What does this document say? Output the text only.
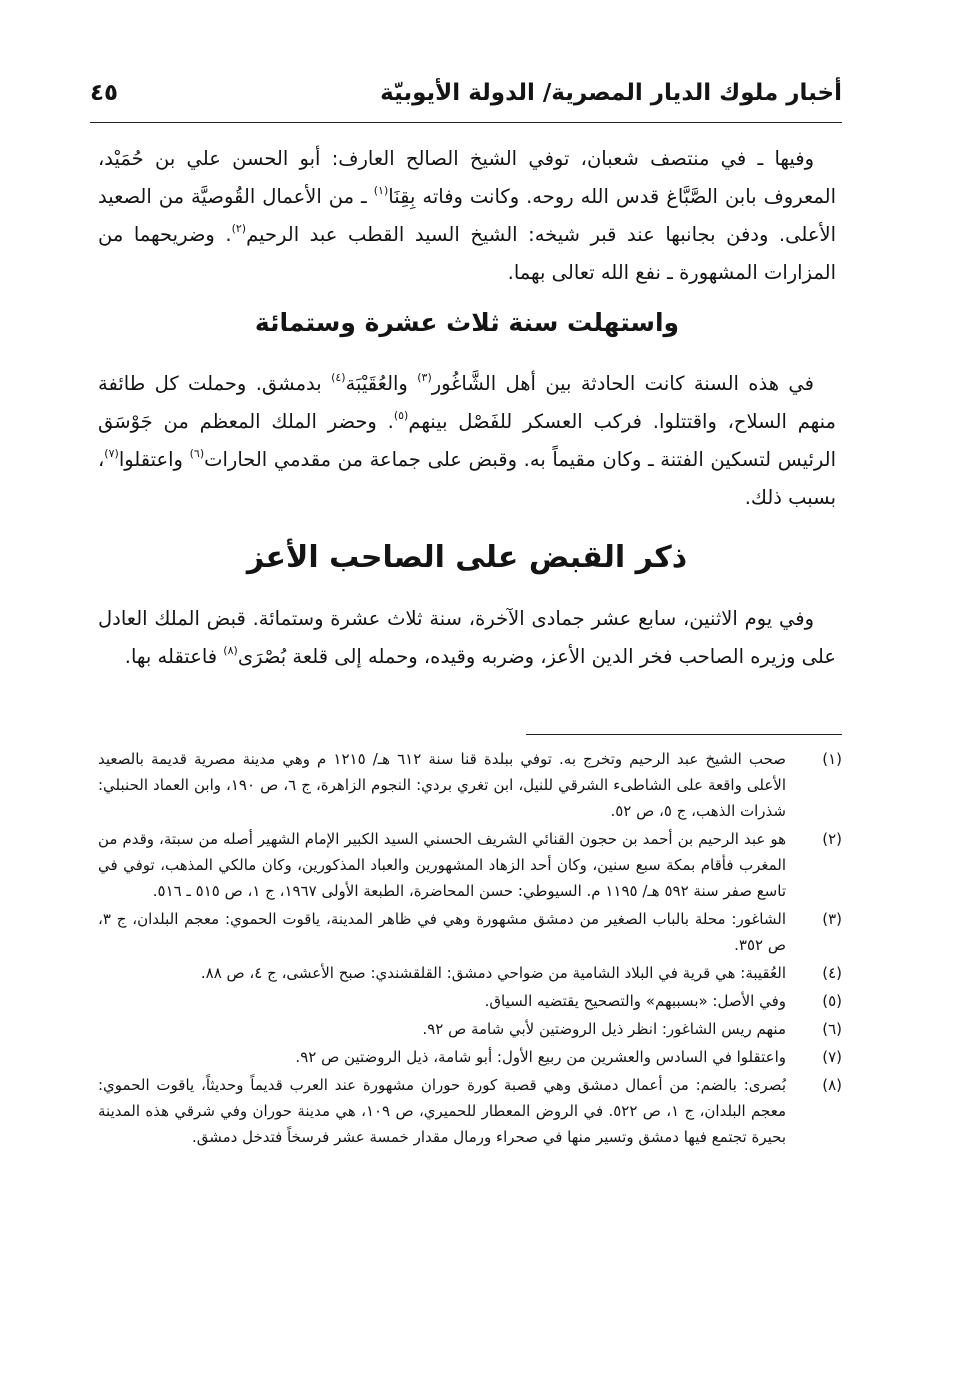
أخبار ملوك الديار المصرية/ الدولة الأيوبيّة
٤٥

وفيها ـ في منتصف شعبان، توفي الشيخ الصالح العارف: أبو الحسن علي بن حُمَيْد، المعروف بابن الصَّبَّاغ قدس الله روحه. وكانت وفاته بِقِنَا$^{(١)}$ ـ من الأعمال القُوصيَّة من الصعيد الأعلى. ودفن بجانبها عند قبر شيخه: الشيخ السيد القطب عبد الرحيم$^{(٢)}$. وضريحهما من المزارات المشهورة ـ نفع الله تعالى بهما.

واستهلت سنة ثلاث عشرة وستمائة

في هذه السنة كانت الحادثة بين أهل الشَّاغُور$^{(٣)}$ والعُقَيْبَة$^{(٤)}$ بدمشق. وحملت كل طائفة منهم السلاح، واقتتلوا. فركب العسكر للفَصْل بينهم$^{(٥)}$. وحضر الملك المعظم من جَوْسَق الرئيس لتسكين الفتنة ـ وكان مقيماً به. وقبض على جماعة من مقدمي الحارات$^{(٦)}$ واعتقلوا$^{(٧)}$، بسبب ذلك.

ذكر القبض على الصاحب الأعز

وفي يوم الاثنين، سابع عشر جمادى الآخرة، سنة ثلاث عشرة وستمائة. قبض الملك العادل على وزيره الصاحب فخر الدين الأعز، وضربه وقيده، وحمله إلى قلعة بُصْرَى$^{(٨)}$ فاعتقله بها.

(١)
صحب الشيخ عبد الرحيم وتخرج به. توفي ببلدة قنا سنة ٦١٢ هـ/ ١٢١٥ م وهي مدينة مصرية قديمة بالصعيد الأعلى واقعة على الشاطىء الشرقي للنيل، ابن تغري بردي: النجوم الزاهرة، ج ٦، ص ١٩٠، وابن العماد الحنبلي: شذرات الذهب، ج ٥، ص ٥٢.

(٢)
هو عبد الرحيم بن أحمد بن حجون القنائي الشريف الحسني السيد الكبير الإمام الشهير أصله من سبتة، وقدم من المغرب فأقام بمكة سبع سنين، وكان أحد الزهاد المشهورين والعباد المذكورين، وكان مالكي المذهب، توفي في تاسع صفر سنة ٥٩٢ هـ/ ١١٩٥ م. السيوطي: حسن المحاضرة، الطبعة الأولى ١٩٦٧، ج ١، ص ٥١٥ ـ ٥١٦.

(٣)
الشاغور: محلة بالباب الصغير من دمشق مشهورة وهي في ظاهر المدينة، ياقوت الحموي: معجم البلدان، ج ٣، ص ٣٥٢.

(٤)
العُقيبة: هي قرية في البلاد الشامية من ضواحي دمشق: القلقشندي: صبح الأعشى، ج ٤، ص ٨٨.

(٥)
وفي الأصل: «بسببهم» والتصحيح يقتضيه السياق.

(٦)
منهم ريس الشاغور: انظر ذيل الروضتين لأبي شامة ص ٩٢.

(٧)
واعتقلوا في السادس والعشرين من ربيع الأول: أبو شامة، ذيل الروضتين ص ٩٢.

(٨)
بُصرى: بالضم: من أعمال دمشق وهي قصبة كورة حوران مشهورة عند العرب قديماً وحديثاً، ياقوت الحموي: معجم البلدان، ج ١، ص ٥٢٢. في الروض المعطار للحميري، ص ١٠٩، هي مدينة حوران وفي شرقي هذه المدينة بحيرة تجتمع فيها دمشق وتسير منها في صحراء ورمال مقدار خمسة عشر فرسخاً فتدخل دمشق.
